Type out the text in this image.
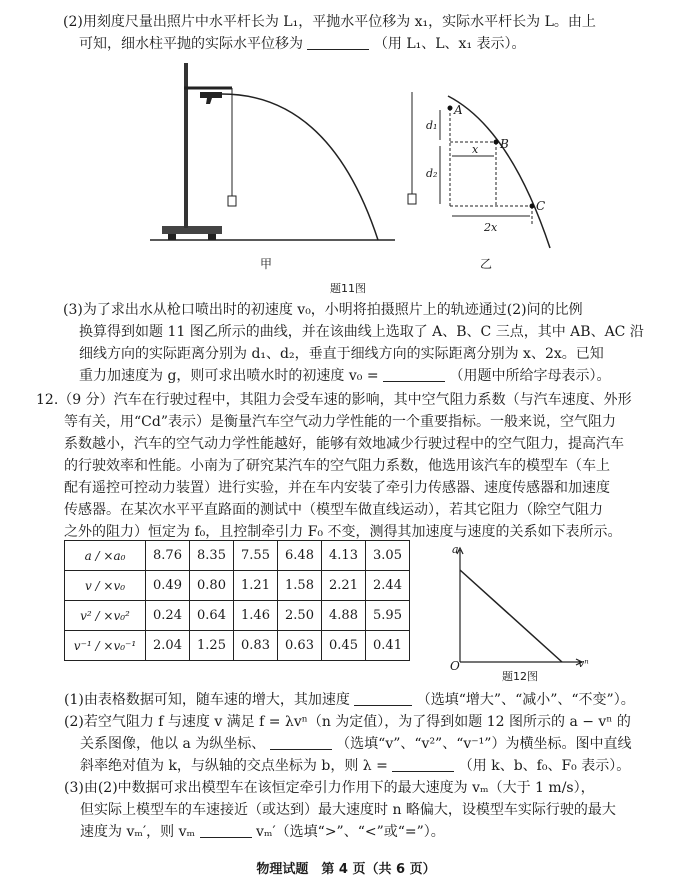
(2)用刻度尺量出照片中水平杆长为 L₁，平抛水平位移为 x₁，实际水平杆长为 L。由上
可知，细水柱平抛的实际水平位移为	（用 L₁、L、x₁ 表示）。
A
B
C
d₁
d₂
x
2x
甲	乙
题11图
(3)为了求出水从枪口喷出时的初速度 v₀，小明将拍摄照片上的轨迹通过(2)问的比例
换算得到如题 11 图乙所示的曲线，并在该曲线上选取了 A、B、C 三点，其中 AB、AC 沿
细线方向的实际距离分别为 d₁、d₂，垂直于细线方向的实际距离分别为 x、2x。已知
重力加速度为 g，则可求出喷水时的初速度 v₀ =	（用题中所给字母表示）。
12.（9 分）汽车在行驶过程中，其阻力会受车速的影响，其中空气阻力系数（与汽车速度、外形
等有关，用“Cd”表示）是衡量汽车空气动力学性能的一个重要指标。一般来说，空气阻力
系数越小，汽车的空气动力学性能越好，能够有效地减少行驶过程中的空气阻力，提高汽车
的行驶效率和性能。小南为了研究某汽车的空气阻力系数，他选用该汽车的模型车（车上
配有遥控可控动力装置）进行实验，并在车内安装了牵引力传感器、速度传感器和加速度
传感器。在某次水平平直路面的测试中（模型车做直线运动），若其它阻力（除空气阻力
之外的阻力）恒定为 f₀，且控制牵引力 F₀ 不变，测得其加速度与速度的关系如下表所示。
a / ×a₀	8.76	8.35	7.55	6.48	4.13	3.05
v / ×v₀	0.49	0.80	1.21	1.58	2.21	2.44
v² / ×v₀²	0.24	0.64	1.46	2.50	4.88	5.95
v⁻¹ / ×v₀⁻¹	2.04	1.25	0.83	0.63	0.45	0.41
a
vⁿ
O
题12图
(1)由表格数据可知，随车速的增大，其加速度	（选填“增大”、“减小”、“不变”）。
(2)若空气阻力 f 与速度 v 满足 f = λvⁿ（n 为定值），为了得到如题 12 图所示的 a − vⁿ 的
关系图像，他以 a 为纵坐标、	（选填“v”、“v²”、“v⁻¹”）为横坐标。图中直线
斜率绝对值为 k，与纵轴的交点坐标为 b，则 λ =	（用 k、b、f₀、F₀ 表示）。
(3)由(2)中数据可求出模型车在该恒定牵引力作用下的最大速度为 vₘ（大于 1 m/s），
但实际上模型车的车速接近（或达到）最大速度时 n 略偏大，设模型车实际行驶的最大
速度为 vₘ′，则 vₘ	vₘ′（选填“>”、“<”或“=”）。
物理试题　第 4 页（共 6 页）
